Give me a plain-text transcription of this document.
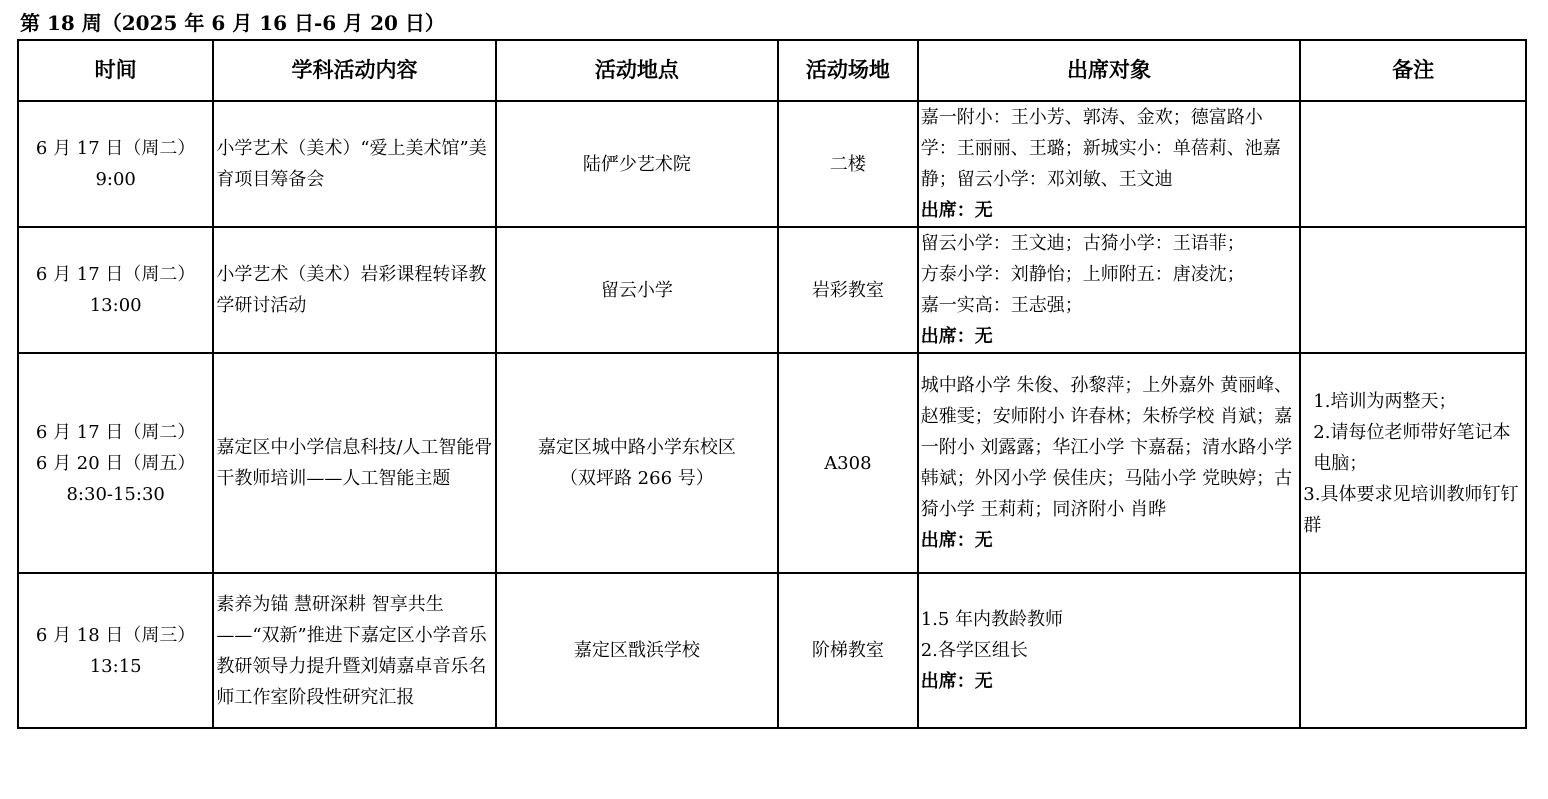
第 18 周（2025 年 6 月 16 日-6 月 20 日）
时间	学科活动内容	活动地点	活动场地	出席对象	备注

6 月 17 日（周二）
9:00	小学艺术（美术）“爱上美术馆”美育项目筹备会	陆俨少艺术院	二楼	嘉一附小：王小芳、郭涛、金欢；德富路小学：王丽丽、王璐；新城实小：单蓓莉、池嘉静；留云小学：邓刘敏、王文迪
出席：无	

6 月 17 日（周二）
13:00	小学艺术（美术）岩彩课程转译教学研讨活动	留云小学	岩彩教室	留云小学：王文迪；古猗小学：王语菲；
方泰小学：刘静怡；上师附五：唐凌沈；
嘉一实高：王志强；
出席：无	

6 月 17 日（周二）
6 月 20 日（周五）
8:30-15:30	嘉定区中小学信息科技/人工智能骨干教师培训——人工智能主题	嘉定区城中路小学东校区
（双坪路 266 号）	A308	城中路小学 朱俊、孙黎萍；上外嘉外 黄丽峰、赵雅雯；安师附小 许春林；朱桥学校 肖斌；嘉一附小 刘露露；华江小学 卞嘉磊；清水路小学 韩斌；外冈小学 侯佳庆；马陆小学 党映婷；古猗小学 王莉莉；同济附小 肖晔
出席：无	1.培训为两整天；
2.请每位老师带好笔记本电脑；
3.具体要求见培训教师钉钉群

6 月 18 日（周三）
13:15	素养为锚 慧研深耕 智享共生——“双新”推进下嘉定区小学音乐教研领导力提升暨刘婧嘉卓音乐名师工作室阶段性研究汇报	嘉定区戬浜学校	阶梯教室	1.5 年内教龄教师
2.各学区组长
出席：无	
